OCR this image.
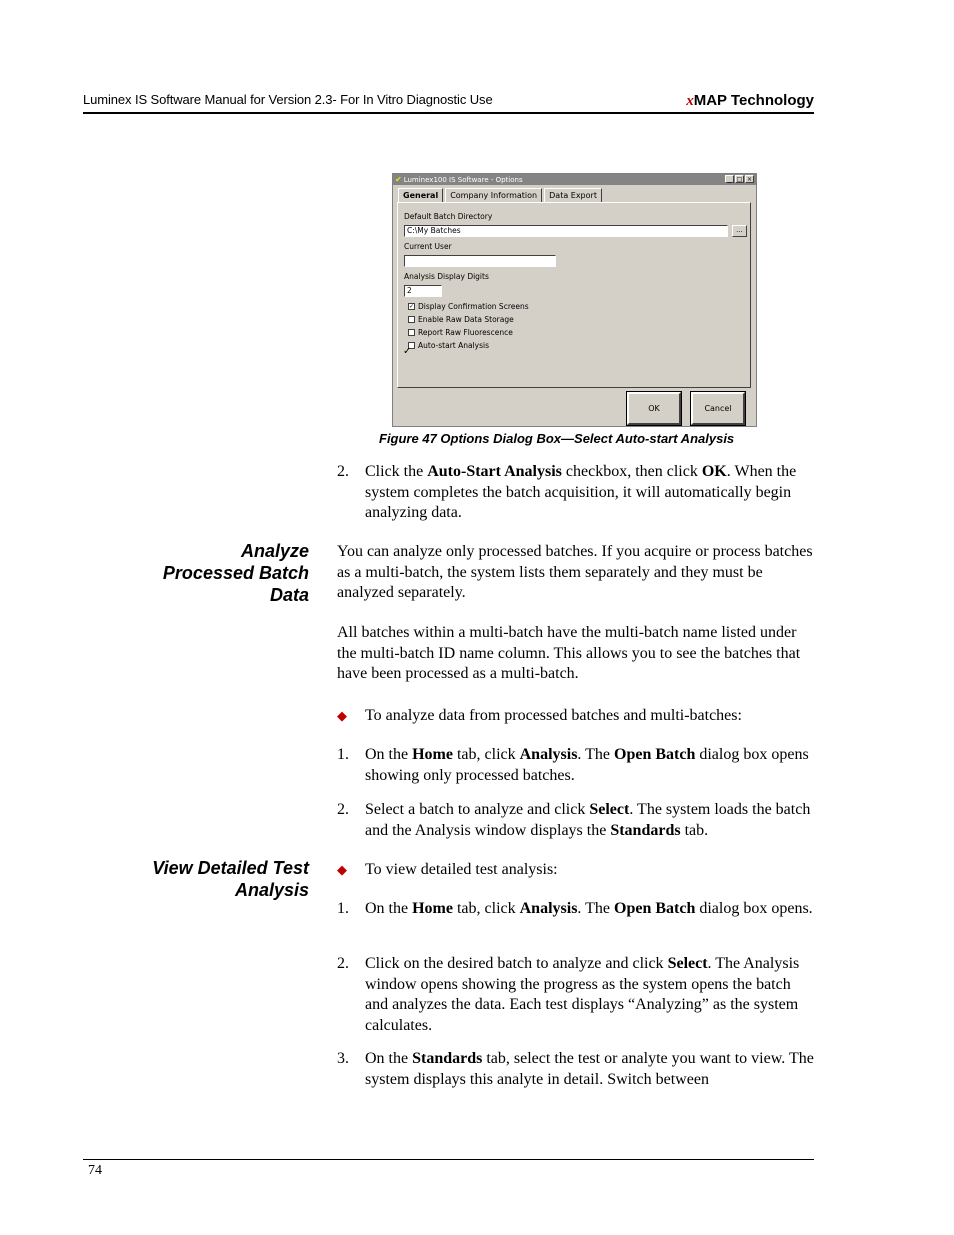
Luminex IS Software Manual for Version 2.3- For In Vitro Diagnostic Use	xMAP Technology
✔ Luminex100 IS Software - Options	_ □ ×
General	Company Information	Data Export
Default Batch Directory
C:\My Batches	...
Current User
Analysis Display Digits
2
✓ Display Confirmation Screens
Enable Raw Data Storage
Report Raw Fluorescence
Auto-start Analysis
✓
OK	Cancel
Figure 47 Options Dialog Box—Select Auto-start Analysis
2. Click the Auto-Start Analysis checkbox, then click OK. When the system completes the batch acquisition, it will automatically begin analyzing data.
Analyze
Processed Batch
Data
You can analyze only processed batches. If you acquire or process batches as a multi-batch, the system lists them separately and they must be analyzed separately.
All batches within a multi-batch have the multi-batch name listed under the multi-batch ID name column. This allows you to see the batches that have been processed as a multi-batch.
◆ To analyze data from processed batches and multi-batches:
1. On the Home tab, click Analysis. The Open Batch dialog box opens showing only processed batches.
2. Select a batch to analyze and click Select. The system loads the batch and the Analysis window displays the Standards tab.
View Detailed Test
Analysis
◆ To view detailed test analysis:
1. On the Home tab, click Analysis. The Open Batch dialog box opens.
2. Click on the desired batch to analyze and click Select. The Analysis window opens showing the progress as the system opens the batch and analyzes the data. Each test displays “Analyzing” as the system calculates.
3. On the Standards tab, select the test or analyte you want to view. The system displays this analyte in detail. Switch between
74
